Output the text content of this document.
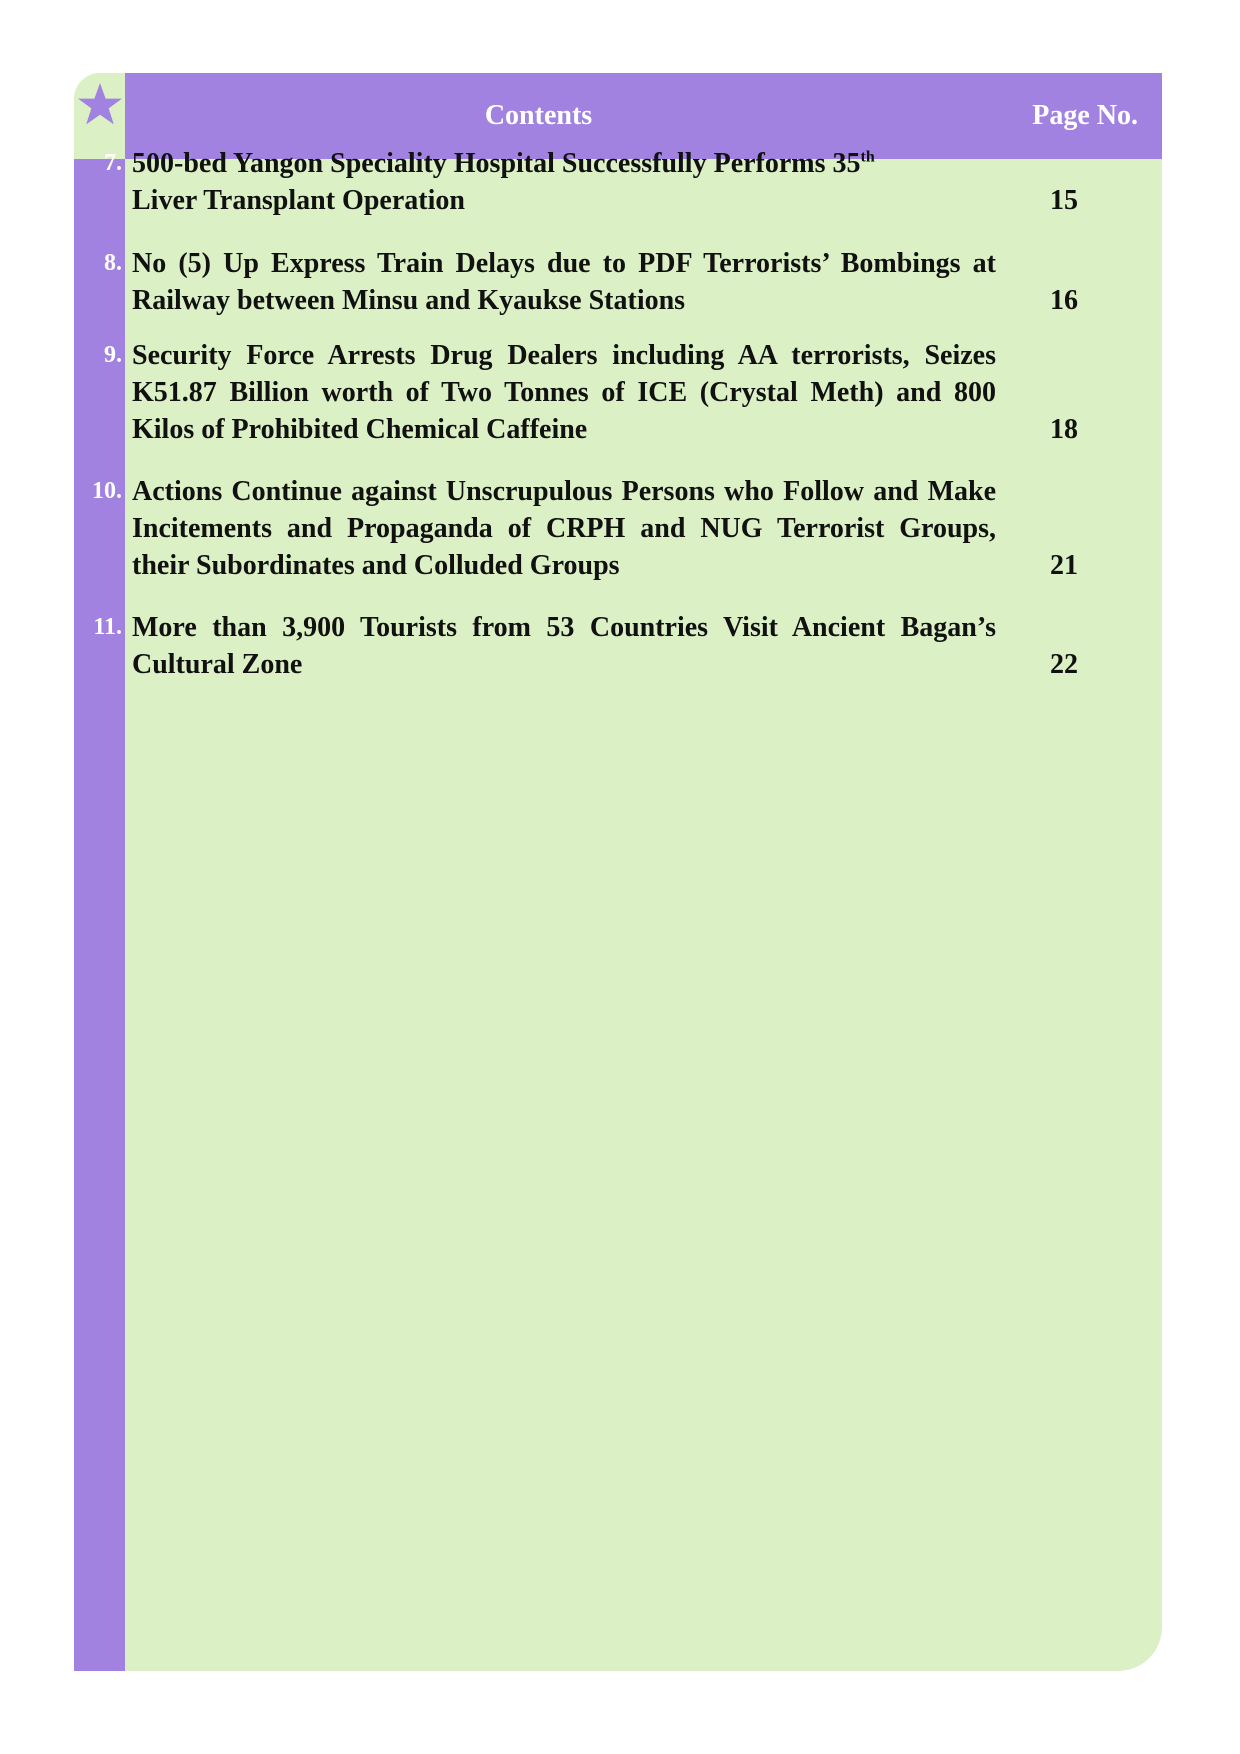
Contents	Page No.
7. 500-bed Yangon Speciality Hospital Successfully Performs 35th
Liver Transplant Operation	15
8. No (5) Up Express Train Delays due to PDF Terrorists’ Bombings at Railway between Minsu and Kyaukse Stations	16
9. Security Force Arrests Drug Dealers including AA terrorists, Seizes K51.87 Billion worth of Two Tonnes of ICE (Crystal Meth) and 800 Kilos of Prohibited Chemical Caffeine	18
10. Actions Continue against Unscrupulous Persons who Follow and Make Incitements and Propaganda of CRPH and NUG Terrorist Groups, their Subordinates and Colluded Groups	21
11. More than 3,900 Tourists from 53 Countries Visit Ancient Bagan’s Cultural Zone	22
